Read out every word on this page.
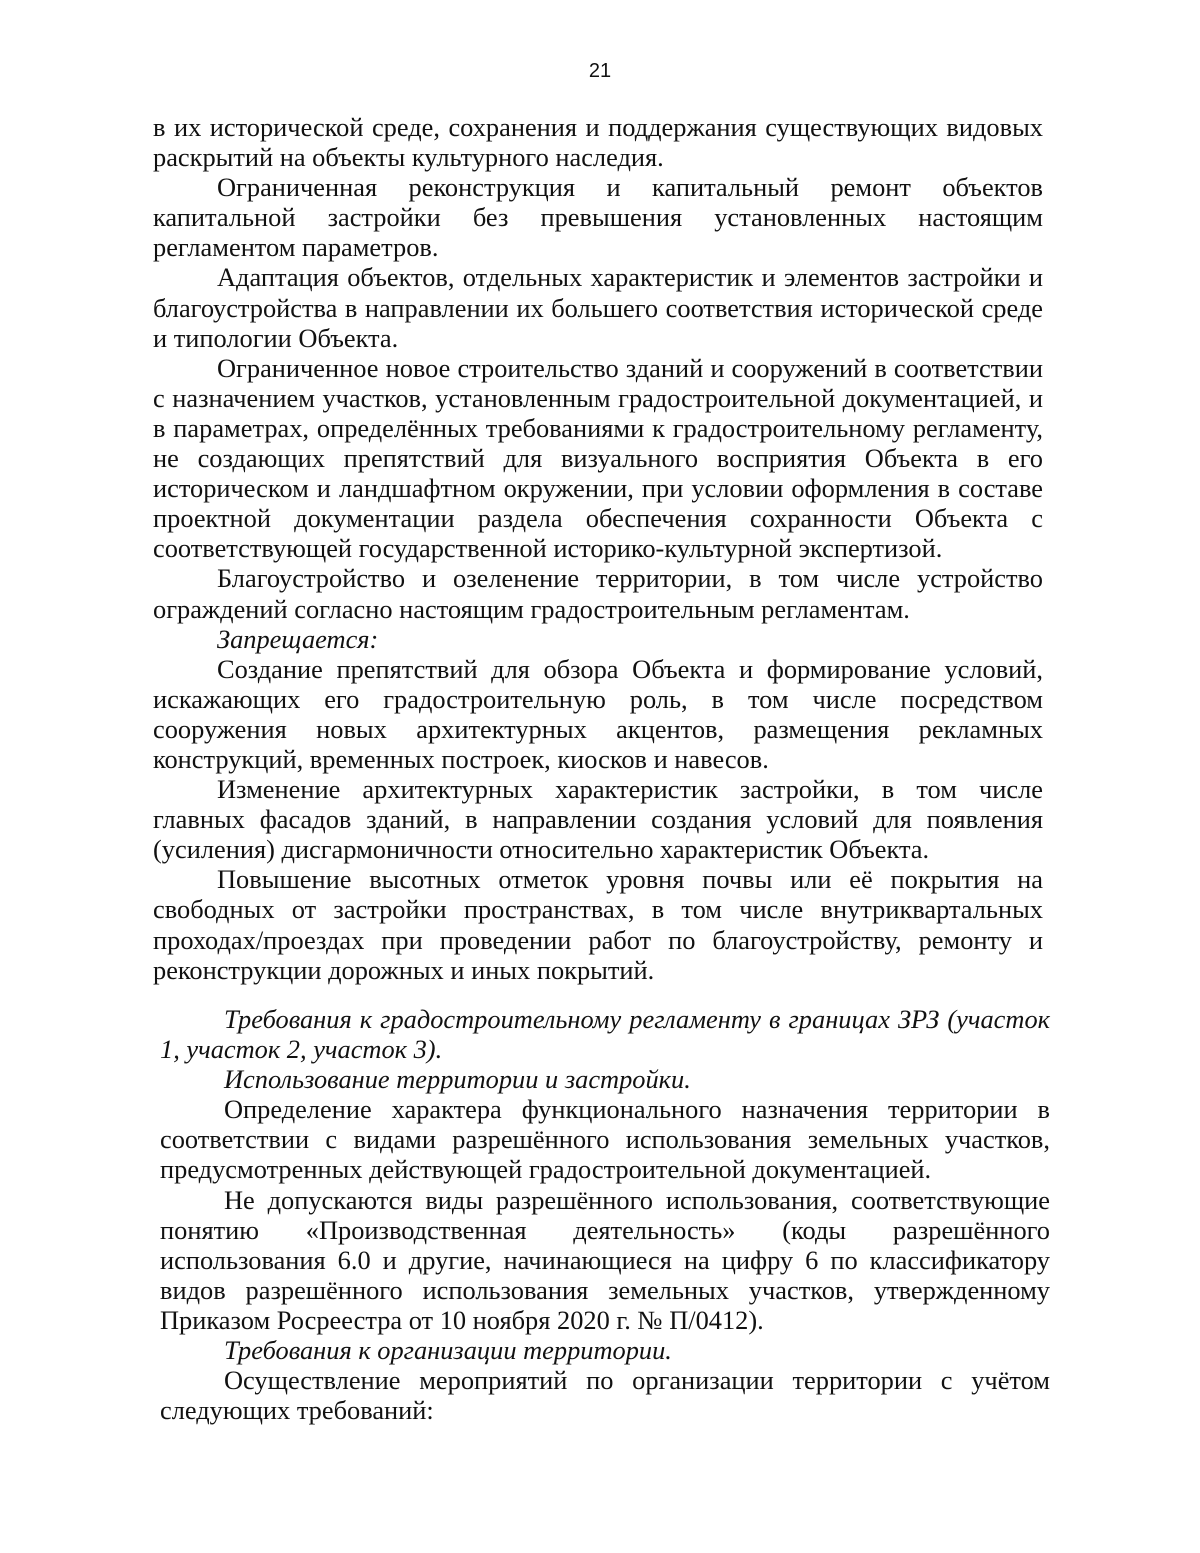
21

в их исторической среде, сохранения и поддержания существующих видовых раскрытий на объекты культурного наследия.

Ограниченная реконструкция и капитальный ремонт объектов капитальной застройки без превышения установленных настоящим регламентом параметров.

Адаптация объектов, отдельных характеристик и элементов застройки и благоустройства в направлении их большего соответствия исторической среде и типологии Объекта.

Ограниченное новое строительство зданий и сооружений в соответствии с назначением участков, установленным градостроительной документацией, и в параметрах, определённых требованиями к градостроительному регламенту, не создающих препятствий для визуального восприятия Объекта в его историческом и ландшафтном окружении, при условии оформления в составе проектной документации раздела обеспечения сохранности Объекта с соответствующей государственной историко-культурной экспертизой.

Благоустройство и озеленение территории, в том числе устройство ограждений согласно настоящим градостроительным регламентам.

Запрещается:

Создание препятствий для обзора Объекта и формирование условий, искажающих его градостроительную роль, в том числе посредством сооружения новых архитектурных акцентов, размещения рекламных конструкций, временных построек, киосков и навесов.

Изменение архитектурных характеристик застройки, в том числе главных фасадов зданий, в направлении создания условий для появления (усиления) дисгармоничности относительно характеристик Объекта.

Повышение высотных отметок уровня почвы или её покрытия на свободных от застройки пространствах, в том числе внутриквартальных проходах/проездах при проведении работ по благоустройству, ремонту и реконструкции дорожных и иных покрытий.

Требования к градостроительному регламенту в границах ЗРЗ (участок 1, участок 2, участок 3).

Использование территории и застройки.

Определение характера функционального назначения территории в соответствии с видами разрешённого использования земельных участков, предусмотренных действующей градостроительной документацией.

Не допускаются виды разрешённого использования, соответствующие понятию «Производственная деятельность» (коды разрешённого использования 6.0 и другие, начинающиеся на цифру 6 по классификатору видов разрешённого использования земельных участков, утвержденному Приказом Росреестра от 10 ноября 2020 г. № П/0412).

Требования к организации территории.

Осуществление мероприятий по организации территории с учётом следующих требований:
